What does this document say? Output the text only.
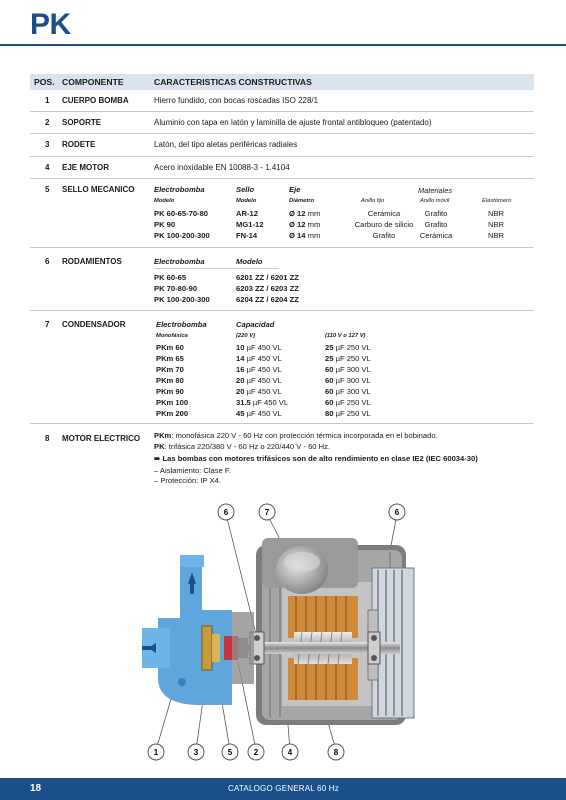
PK
POS. COMPONENTE	CARACTERISTICAS CONSTRUCTIVAS
1 CUERPO BOMBA	Hierro fundido, con bocas roscadas ISO 228/1
2 SOPORTE	Aluminio con tapa en latón y laminilla de ajuste frontal antibloqueo (patentado)
3 RODETE	Latón, del tipo aletas periféricas radiales
4 EJE MOTOR	Acero inoxidable EN 10088-3 - 1.4104
5 SELLO MECANICO	Electrobomba	Sello	Eje	Materiales
Modelo	Modelo	Diámetro	Anillo fijo	Anillo móvil	Elastómero
PK 60-65-70-80	AR-12	Ø 12 mm	Cerámica	Grafito	NBR
PK 90	MG1-12	Ø 12 mm	Carburo de silicio	Grafito	NBR
PK 100-200-300	FN-14	Ø 14 mm	Grafito	Cerámica	NBR
6 RODAMIENTOS	Electrobomba	Modelo
PK 60-65	6201 ZZ / 6201 ZZ
PK 70-80-90	6203 ZZ / 6203 ZZ
PK 100-200-300	6204 ZZ / 6204 ZZ
7 CONDENSADOR	Electrobomba	Capacidad
Monofásica	(220 V)	(110 V o 127 V)
PKm 60	10 µF 450 VL	25 µF 250 VL
PKm 65	14 µF 450 VL	25 µF 250 VL
PKm 70	16 µF 450 VL	60 µF 300 VL
PKm 80	20 µF 450 VL	60 µF 300 VL
PKm 90	20 µF 450 VL	60 µF 300 VL
PKm 100	31.5 µF 450 VL	60 µF 250 VL
PKm 200	45 µF 450 VL	80 µF 250 VL
8 MOTOR ELECTRICO PKm: monofásica 220 V - 60 Hz con protección térmica incorporada en el bobinado.
PK: trifásica 220/380 V - 60 Hz o 220/440 V - 60 Hz.
➠ Las bombas con motores trifásicos son de alto rendimiento en clase IE2 (IEC 60034-30)
– Aislamiento: Clase F.
– Protección: IP X4.
6	7	6
1	3	5	2	4	8
18	CATALOGO GENERAL 60 Hz
